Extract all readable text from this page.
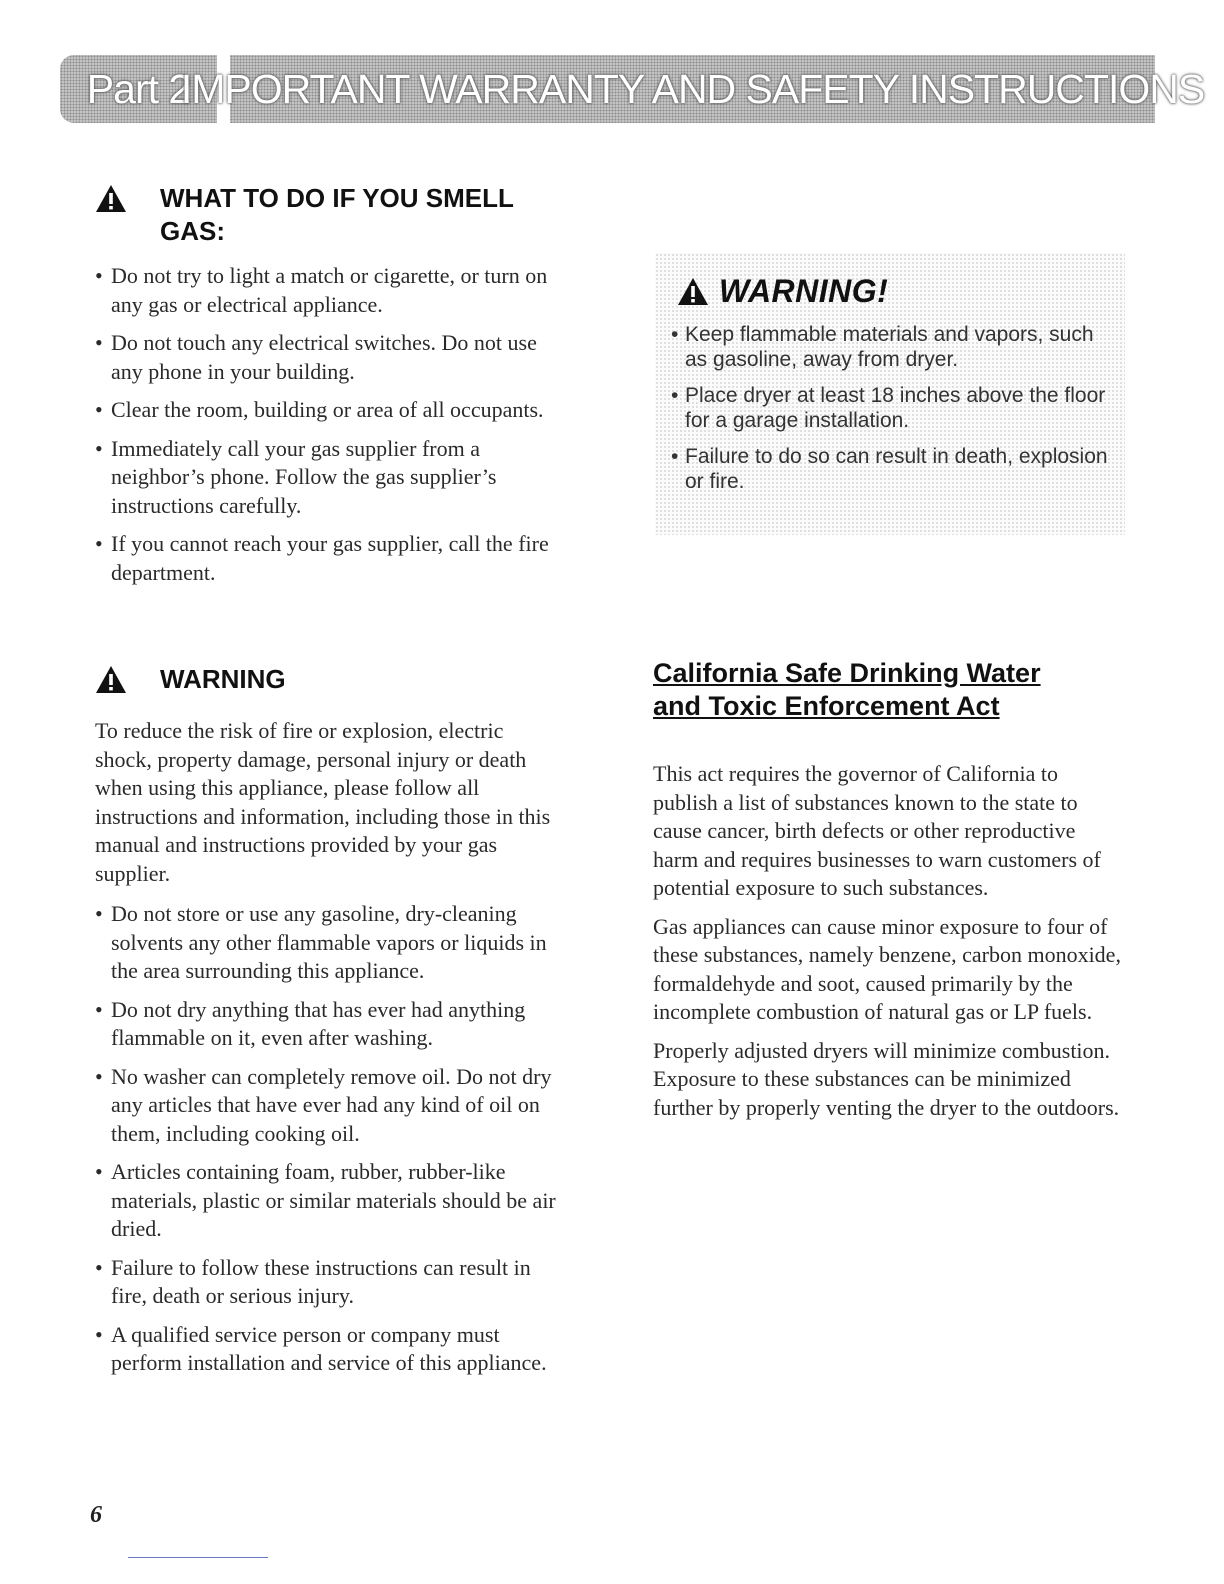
Part 2
IMPORTANT WARRANTY AND SAFETY INSTRUCTIONS
WHAT TO DO IF YOU SMELL
GAS:
• Do not try to light a match or cigarette, or turn on any gas or electrical appliance.
• Do not touch any electrical switches. Do not use any phone in your building.
• Clear the room, building or area of all occupants.
• Immediately call your gas supplier from a neighbor’s phone. Follow the gas supplier’s instructions carefully.
• If you cannot reach your gas supplier, call the fire department.
WARNING!
• Keep flammable materials and vapors, such as gasoline, away from dryer.
• Place dryer at least 18 inches above the floor for a garage installation.
• Failure to do so can result in death, explosion or fire.
WARNING

To reduce the risk of fire or explosion, electric shock, property damage, personal injury or death when using this appliance, please follow all instructions and information, including those in this manual and instructions provided by your gas supplier.

• Do not store or use any gasoline, dry-cleaning solvents any other flammable vapors or liquids in the area surrounding this appliance.
• Do not dry anything that has ever had anything flammable on it, even after washing.
• No washer can completely remove oil. Do not dry any articles that have ever had any kind of oil on them, including cooking oil.
• Articles containing foam, rubber, rubber-like materials, plastic or similar materials should be air dried.
• Failure to follow these instructions can result in fire, death or serious injury.
• A qualified service person or company must perform installation and service of this appliance.
California Safe Drinking Water
and Toxic Enforcement Act

This act requires the governor of California to publish a list of substances known to the state to cause cancer, birth defects or other reproductive harm and requires businesses to warn customers of potential exposure to such substances.

Gas appliances can cause minor exposure to four of these substances, namely benzene, carbon monoxide, formaldehyde and soot, caused primarily by the incomplete combustion of natural gas or LP fuels.

Properly adjusted dryers will minimize combustion. Exposure to these substances can be minimized further by properly venting the dryer to the outdoors.

6
